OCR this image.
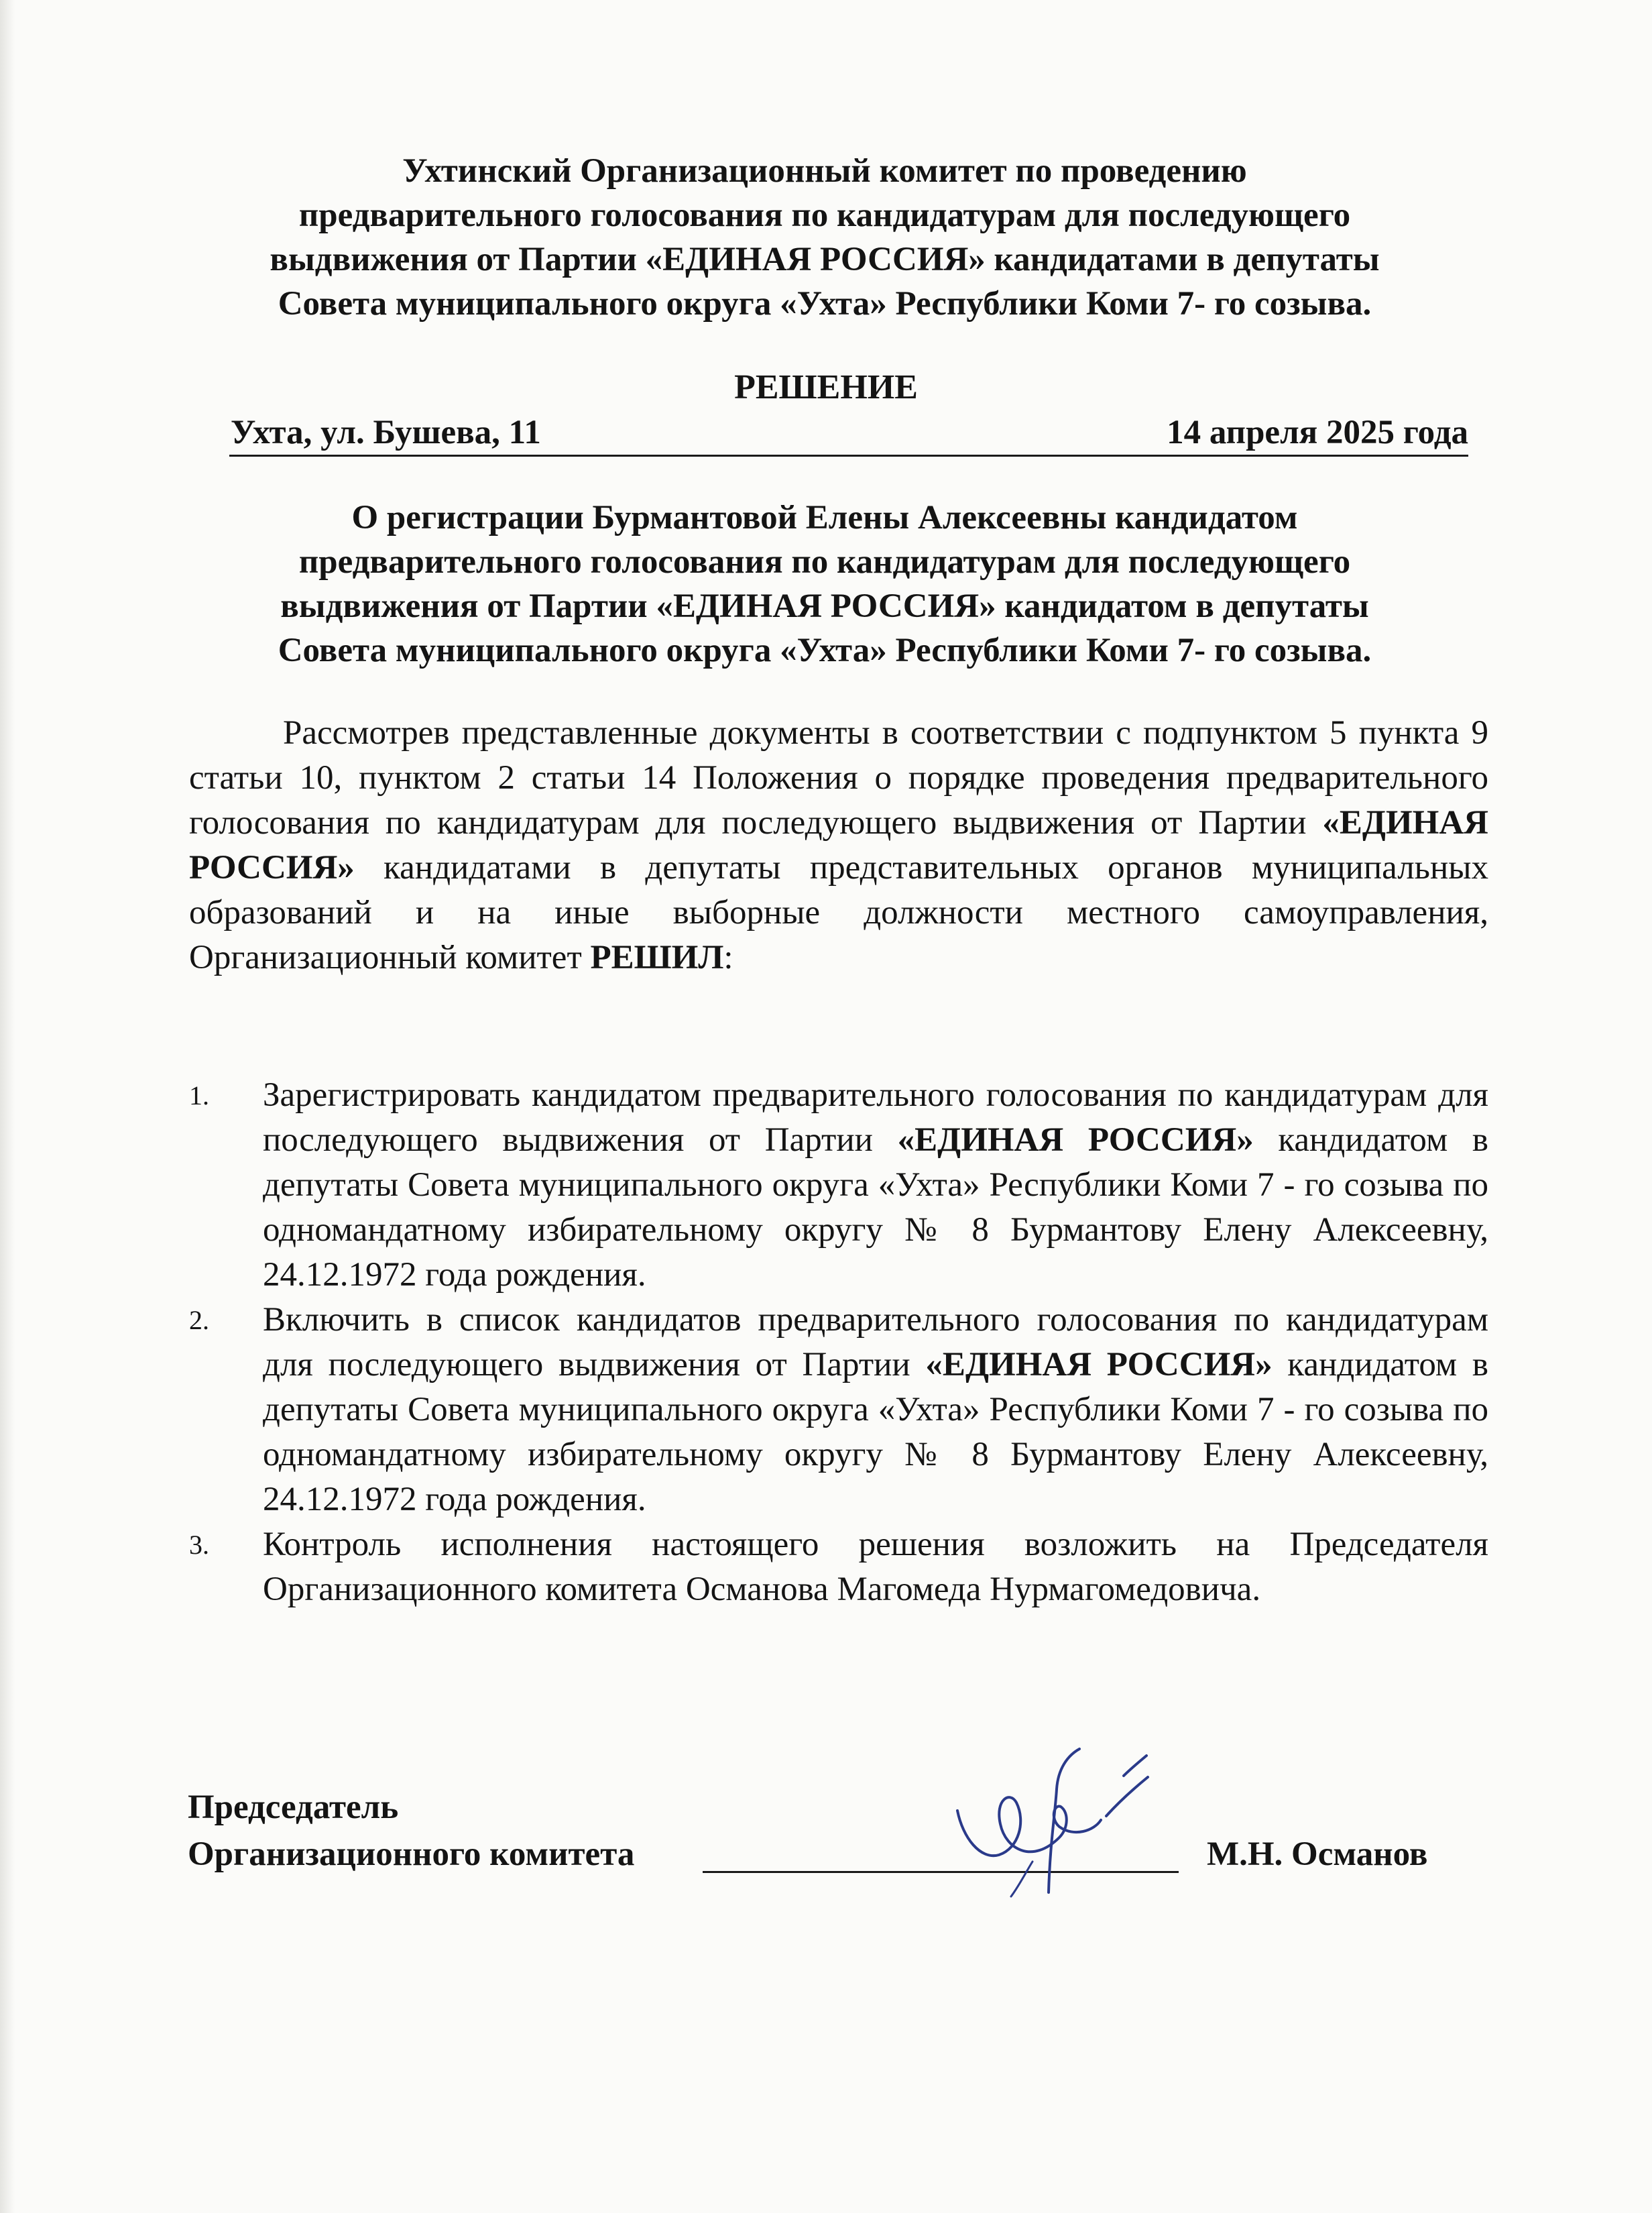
Ухтинский Организационный комитет по проведению
предварительного голосования по кандидатурам для последующего
выдвижения от Партии «ЕДИНАЯ РОССИЯ» кандидатами в депутаты
Совета муниципального округа «Ухта» Республики Коми 7- го созыва.
РЕШЕНИЕ
Ухта, ул. Бушева, 11	14 апреля 2025 года
О регистрации Бурмантовой Елены Алексеевны кандидатом
предварительного голосования по кандидатурам для последующего
выдвижения от Партии «ЕДИНАЯ РОССИЯ» кандидатом в депутаты
Совета муниципального округа «Ухта» Республики Коми 7- го созыва.

Рассмотрев представленные документы в соответствии с подпунктом 5 пункта 9 статьи 10, пунктом 2 статьи 14 Положения о порядке проведения предварительного голосования по кандидатурам для последующего выдвижения от Партии «ЕДИНАЯ РОССИЯ» кандидатами в депутаты представительных органов муниципальных образований и на иные выборные должности местного самоуправления, Организационный комитет РЕШИЛ:

1. Зарегистрировать кандидатом предварительного голосования по кандидатурам для последующего выдвижения от Партии «ЕДИНАЯ РОССИЯ» кандидатом в депутаты Совета муниципального округа «Ухта» Республики Коми 7 - го созыва по одномандатному избирательному округу № 8 Бурмантову Елену Алексеевну, 24.12.1972 года рождения.
2. Включить в список кандидатов предварительного голосования по кандидатурам для последующего выдвижения от Партии «ЕДИНАЯ РОССИЯ» кандидатом в депутаты Совета муниципального округа «Ухта» Республики Коми 7 - го созыва по одномандатному избирательному округу № 8 Бурмантову Елену Алексеевну, 24.12.1972 года рождения.
3. Контроль исполнения настоящего решения возложить на Председателя Организационного комитета Османова Магомеда Нурмагомедовича.
Председатель
Организационного комитета	М.Н. Османов
